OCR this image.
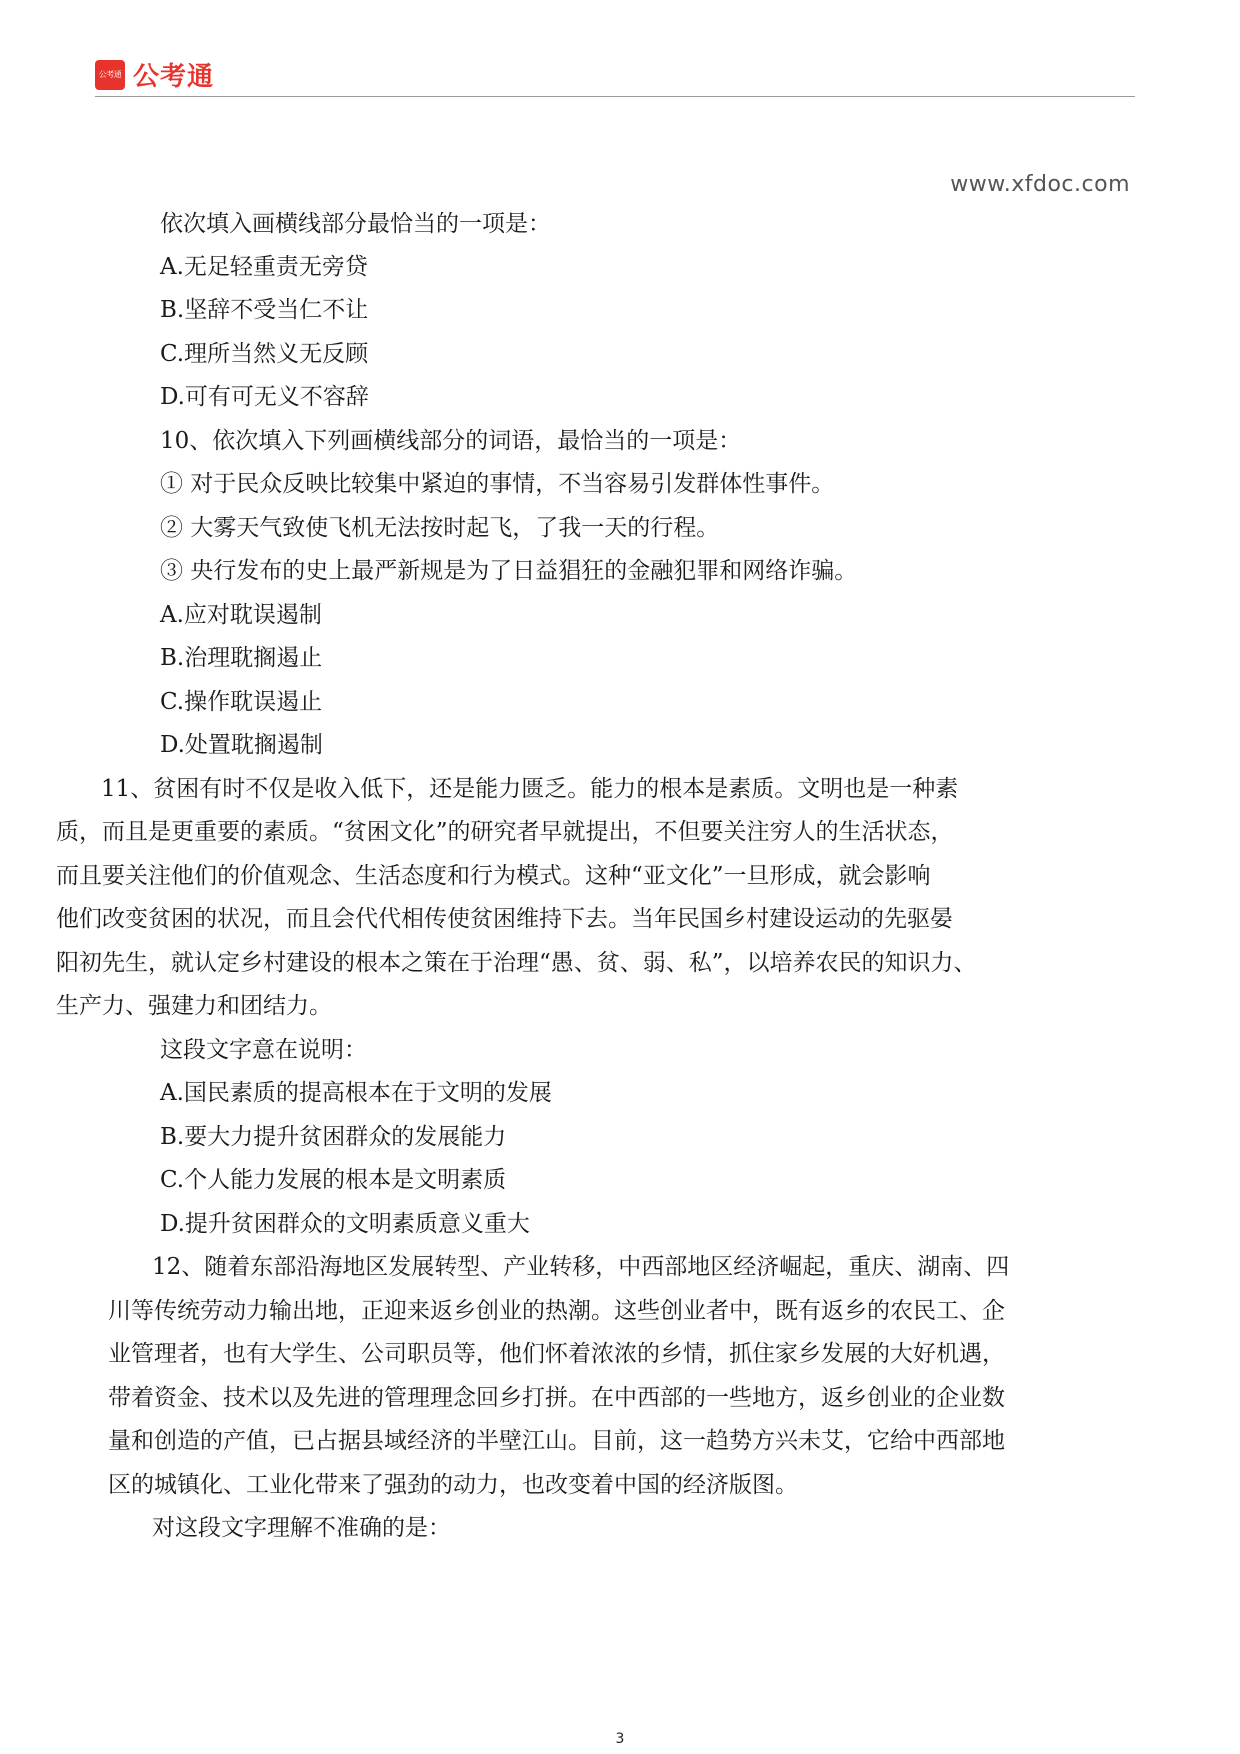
公考通 公考通
www.xfdoc.com
依次填入画横线部分最恰当的一项是：
A.无足轻重责无旁贷
B.坚辞不受当仁不让
C.理所当然义无反顾
D.可有可无义不容辞
10、依次填入下列画横线部分的词语，最恰当的一项是：
① 对于民众反映比较集中紧迫的事情，不当容易引发群体性事件。
② 大雾天气致使飞机无法按时起飞，了我一天的行程。
③ 央行发布的史上最严新规是为了日益猖狂的金融犯罪和网络诈骗。
A.应对耽误遏制
B.治理耽搁遏止
C.操作耽误遏止
D.处置耽搁遏制
11、贫困有时不仅是收入低下，还是能力匮乏。能力的根本是素质。文明也是一种素
质，而且是更重要的素质。“贫困文化”的研究者早就提出，不但要关注穷人的生活状态，
而且要关注他们的价值观念、生活态度和行为模式。这种“亚文化”一旦形成，就会影响
他们改变贫困的状况，而且会代代相传使贫困维持下去。当年民国乡村建设运动的先驱晏
阳初先生，就认定乡村建设的根本之策在于治理“愚、贫、弱、私”，以培养农民的知识力、
生产力、强建力和团结力。
这段文字意在说明：
A.国民素质的提高根本在于文明的发展
B.要大力提升贫困群众的发展能力
C.个人能力发展的根本是文明素质
D.提升贫困群众的文明素质意义重大
12、随着东部沿海地区发展转型、产业转移，中西部地区经济崛起，重庆、湖南、四
川等传统劳动力输出地，正迎来返乡创业的热潮。这些创业者中，既有返乡的农民工、企
业管理者，也有大学生、公司职员等，他们怀着浓浓的乡情，抓住家乡发展的大好机遇，
带着资金、技术以及先进的管理理念回乡打拼。在中西部的一些地方，返乡创业的企业数
量和创造的产值，已占据县域经济的半壁江山。目前，这一趋势方兴未艾，它给中西部地
区的城镇化、工业化带来了强劲的动力，也改变着中国的经济版图。
对这段文字理解不准确的是：
3
